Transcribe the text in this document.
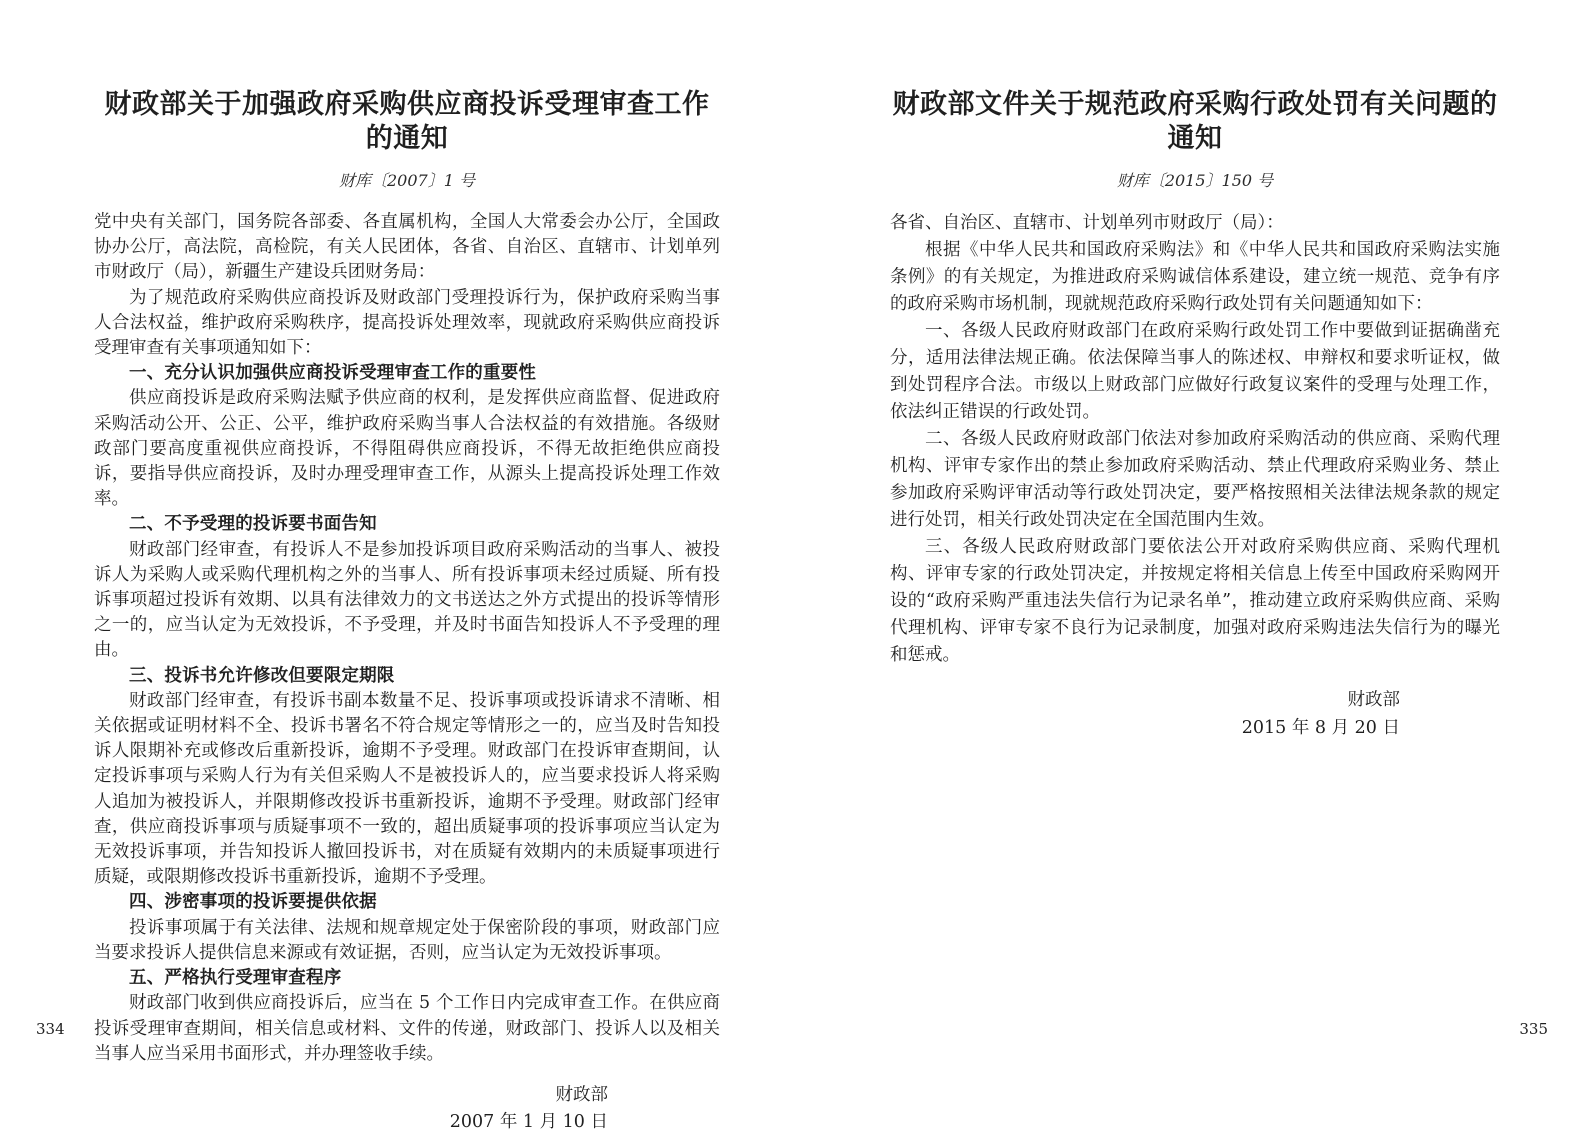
财政部关于加强政府采购供应商投诉受理审查工作的通知
财库〔2007〕1 号

党中央有关部门，国务院各部委、各直属机构，全国人大常委会办公厅，全国政协办公厅，高法院，高检院，有关人民团体，各省、自治区、直辖市、计划单列市财政厅（局），新疆生产建设兵团财务局：

为了规范政府采购供应商投诉及财政部门受理投诉行为，保护政府采购当事人合法权益，维护政府采购秩序，提高投诉处理效率，现就政府采购供应商投诉受理审查有关事项通知如下：

一、充分认识加强供应商投诉受理审查工作的重要性

供应商投诉是政府采购法赋予供应商的权利，是发挥供应商监督、促进政府采购活动公开、公正、公平，维护政府采购当事人合法权益的有效措施。各级财政部门要高度重视供应商投诉，不得阻碍供应商投诉，不得无故拒绝供应商投诉，要指导供应商投诉，及时办理受理审查工作，从源头上提高投诉处理工作效率。

二、不予受理的投诉要书面告知

财政部门经审查，有投诉人不是参加投诉项目政府采购活动的当事人、被投诉人为采购人或采购代理机构之外的当事人、所有投诉事项未经过质疑、所有投诉事项超过投诉有效期、以具有法律效力的文书送达之外方式提出的投诉等情形之一的，应当认定为无效投诉，不予受理，并及时书面告知投诉人不予受理的理由。

三、投诉书允许修改但要限定期限

财政部门经审查，有投诉书副本数量不足、投诉事项或投诉请求不清晰、相关依据或证明材料不全、投诉书署名不符合规定等情形之一的，应当及时告知投诉人限期补充或修改后重新投诉，逾期不予受理。财政部门在投诉审查期间，认定投诉事项与采购人行为有关但采购人不是被投诉人的，应当要求投诉人将采购人追加为被投诉人，并限期修改投诉书重新投诉，逾期不予受理。财政部门经审查，供应商投诉事项与质疑事项不一致的，超出质疑事项的投诉事项应当认定为无效投诉事项，并告知投诉人撤回投诉书，对在质疑有效期内的未质疑事项进行质疑，或限期修改投诉书重新投诉，逾期不予受理。

四、涉密事项的投诉要提供依据

投诉事项属于有关法律、法规和规章规定处于保密阶段的事项，财政部门应当要求投诉人提供信息来源或有效证据，否则，应当认定为无效投诉事项。

五、严格执行受理审查程序

财政部门收到供应商投诉后，应当在 5 个工作日内完成审查工作。在供应商投诉受理审查期间，相关信息或材料、文件的传递，财政部门、投诉人以及相关当事人应当采用书面形式，并办理签收手续。

财政部
2007 年 1 月 10 日
财政部文件关于规范政府采购行政处罚有关问题的通知
财库〔2015〕150 号

各省、自治区、直辖市、计划单列市财政厅（局）：

根据《中华人民共和国政府采购法》和《中华人民共和国政府采购法实施条例》的有关规定，为推进政府采购诚信体系建设，建立统一规范、竞争有序的政府采购市场机制，现就规范政府采购行政处罚有关问题通知如下：

一、各级人民政府财政部门在政府采购行政处罚工作中要做到证据确凿充分，适用法律法规正确。依法保障当事人的陈述权、申辩权和要求听证权，做到处罚程序合法。市级以上财政部门应做好行政复议案件的受理与处理工作，依法纠正错误的行政处罚。

二、各级人民政府财政部门依法对参加政府采购活动的供应商、采购代理机构、评审专家作出的禁止参加政府采购活动、禁止代理政府采购业务、禁止参加政府采购评审活动等行政处罚决定，要严格按照相关法律法规条款的规定进行处罚，相关行政处罚决定在全国范围内生效。

三、各级人民政府财政部门要依法公开对政府采购供应商、采购代理机构、评审专家的行政处罚决定，并按规定将相关信息上传至中国政府采购网开设的“政府采购严重违法失信行为记录名单”，推动建立政府采购供应商、采购代理机构、评审专家不良行为记录制度，加强对政府采购违法失信行为的曝光和惩戒。

财政部
2015 年 8 月 20 日
334	335
